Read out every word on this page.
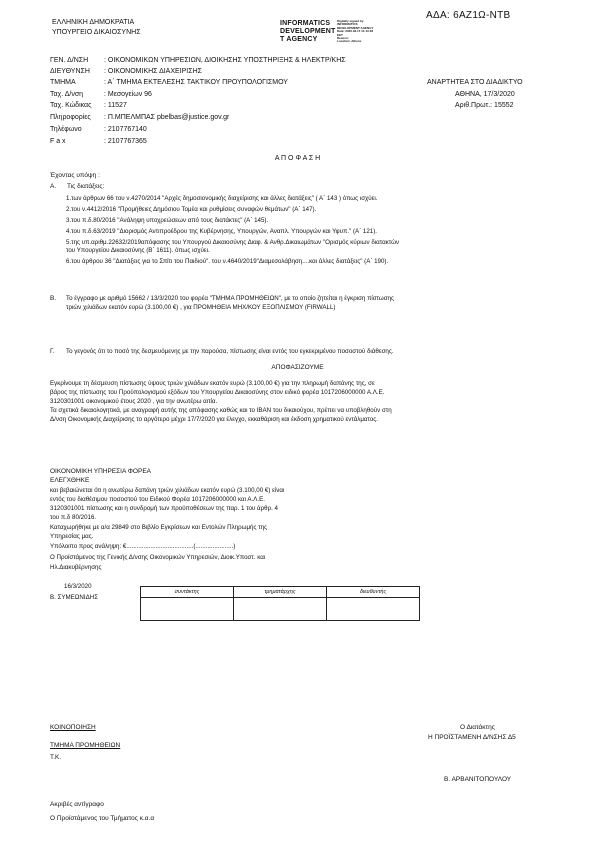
ΑΔΑ: 6ΑΖ1Ω-ΝΤΒ
ΕΛΛΗΝΙΚΗ ΔΗΜΟΚΡΑΤΙΑ
ΥΠΟΥΡΓΕΙΟ ΔΙΚΑΙΟΣΥΝΗΣ
INFORMATICS
DEVELOPMENT
T AGENCY
Digitally signed by
INFORMATICS
DEVELOPMENT AGENCY
Date: 2020.03.17 11:13:18
EET
Reason:
Location: Athens
ΓΕΝ. Δ/ΝΣΗ : ΟΙΚΟΝΟΜΙΚΩΝ ΥΠΗΡΕΣΙΩΝ, ΔΙΟΙΚΗΣΗΣ ΥΠΟΣΤΗΡΙΞΗΣ & ΗΛΕΚΤΡ/ΚΗΣ
ΔΙΕΥΘΥΝΣΗ : ΟΙΚΟΝΟΜΙΚΗΣ ΔΙΑΧΕΙΡΙΣΗΣ
ΤΜΗΜΑ	: Α΄ ΤΜΗΜΑ ΕΚΤΕΛΕΣΗΣ ΤΑΚΤΙΚΟΥ ΠΡΟΥΠΟΛΟΓΙΣΜΟΥ
Ταχ. Δ/νση	: Μεσογείων 96
Ταχ. Κώδικας : 11527
Πληροφορίες : Π.ΜΠΕΛΜΠΑΣ pbelbas@justice.gov.gr
Τηλέφωνο	: 2107767140
F a x	: 2107767365
ΑΝΑΡΤΗΤΕΑ ΣΤΟ ΔΙΑΔΙΚΤΥΟ
ΑΘΗΝΑ, 17/3/2020
Αριθ.Πρωτ.: 15552
Α Π Ο Φ Α Σ Η
Έχοντας υπόψη :
Α. Τις διατάξεις:
1.των άρθρων 66 του ν.4270/2014 "Αρχές δημοσιονομικής διαχείρισης και άλλες διατάξεις" ( Α΄ 143 ) όπως ισχύει.
2.του ν.4412/2016 "Προμήθειες Δημόσιου Τομέα και ρυθμίσεις συναφών θεμάτων" (Α΄ 147).
3.του π.δ.80/2016 "Ανάληψη υποχρεώσεων από τους διατάκτες" (Α΄ 145).
4.του π.δ.63/2019 "Διορισμός Αντιπροέδρου της Κυβέρνησης, Υπουργών, Αναπλ. Υπουργών και Υφυπ." (Α΄ 121).
5.της υπ.αριθμ.22632/2019απόφασης του Υπουργού Δικαιοσύνης Διαφ. & Ανθρ.Δικαιωμάτων "Ορισμός κύριων διατακτών
του Υπουργείου Δικαιοσύνης (Β΄ 1611). όπως ισχύει.
6.του άρθρου 36 "Διατάξεις για το Σπίτι του Παιδιού". του ν.4640/2019"Διαμεσολάβηση....και άλλες διατάξεις" (Α΄ 190).
Β. Το έγγραφο με αριθμό 15662 / 13/3/2020 του φορέα "ΤΜΗΜΑ ΠΡΟΜΗΘΕΙΩΝ", με το οποίο ζητείται η έγκριση πίστωσης
τριών χιλιάδων εκατόν ευρώ (3.100,00 €) , για ΠΡΟΜΗΘΕΙΑ ΜΗΧ/ΚΟΥ ΕΞΟΠΛΙΣΜΟΥ (FIRWALL)
Γ. Το γεγονός ότι το ποσό της δεσμευόμενης με την παρούσα, πίστωσης είναι εντός του εγκεκριμένου ποσοστού διάθεσης.
ΑΠΟΦΑΣΙΖΟΥΜΕ
Εγκρίνουμε τη δέσμευση πίστωσης ύψους τριών χιλιάδων εκατόν ευρώ (3.100,00 €) για την πληρωμή δαπάνης της, σε
βάρος της πίστωσης του Προϋπολογισμού εξόδων του Υπουργείου Δικαιοσύνης στον ειδικό φορέα 1017206000000 Α.Λ.Ε.
3120301001 οικονομικού έτους 2020 , για την ανωτέρω αιτία.
Τα σχετικά δικαιολογητικά, με αναγραφή αυτής της απόφασης καθώς και το IBAN του δικαιούχου, πρέπει να υποβληθούν στη
Δ/νση Οικονομικής Διαχείρισης το αργότερο μέχρι 17/7/2020 για έλεγχο, εκκαθάριση και έκδοση χρηματικού εντάλματος.
ΟΙΚΟΝΟΜΙΚΗ ΥΠΗΡΕΣΙΑ ΦΟΡΕΑ
ΕΛΕΓΧΘΗΚΕ
και βεβαιώνεται ότι η ανωτέρω δαπάνη τριών χιλιάδων εκατόν ευρώ (3.100,00 €) είναι
εντός του διαθέσιμου ποσοστού του Ειδικού Φορέα 1017206000000 και Α.Λ.Ε.
3120301001 πίστωσης και η συνδρομή των προϋποθέσεων της παρ. 1 του άρθρ. 4
του π.δ 80/2016.
Καταχωρήθηκε με α/α 29849 στο Βιβλίο Εγκρίσεων και Εντολών Πληρωμής της
Υπηρεσίας μας.
Υπόλοιπο προς ανάληψη: €.......................................(......................)
Ο Προϊστάμενος της Γενικής Δ/νσης Οικονομικών Υπηρεσιών, Διοικ.Υποστ. και
Ηλ.Διακυβέρνησης
16/3/2020
Β. ΣΥΜΕΩΝΙΔΗΣ
συντάκτης	τμηματάρχης	διευθυντής

ΚΟΙΝΟΠΟΙΗΣΗ
ΤΜΗΜΑ ΠΡΟΜΗΘΕΙΩΝ
Τ.Κ.
Ο Διατάκτης
Η ΠΡΟΪΣΤΑΜΕΝΗ Δ/ΝΣΗΣ Δ5
Β. ΑΡΒΑΝΙΤΟΠΟΥΛΟΥ
Ακριβές αντίγραφο
Ο Προϊστάμενος του Τμήματος κ.α.α
